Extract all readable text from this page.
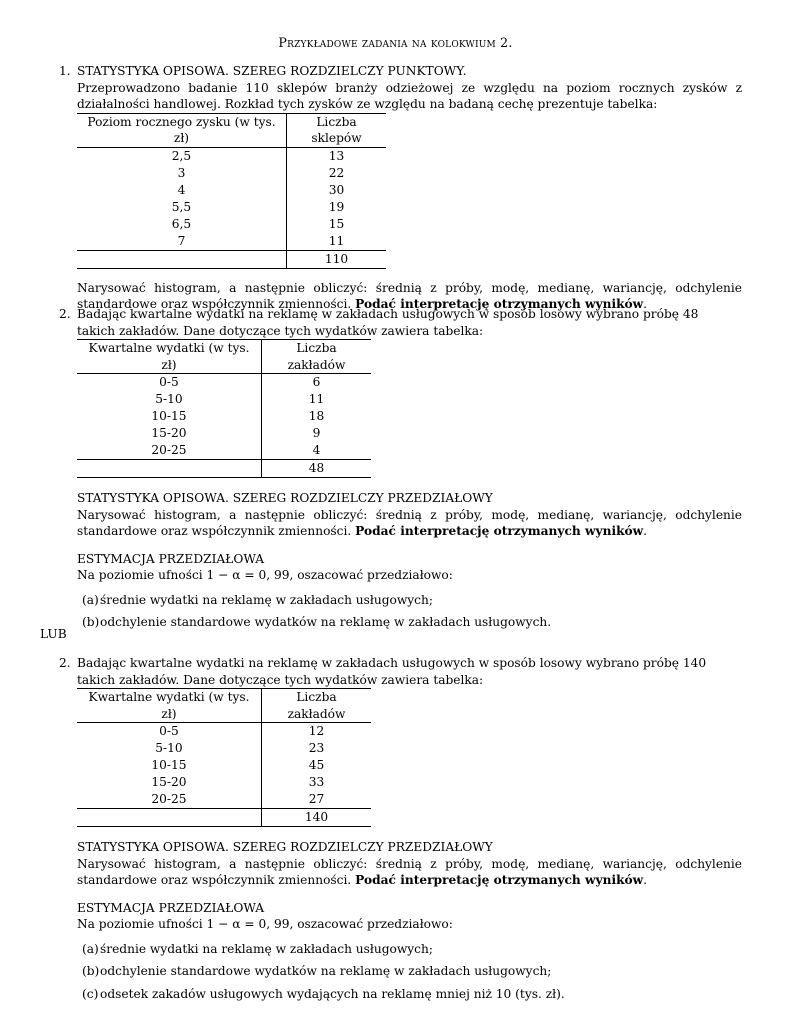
Przykładowe zadania na kolokwium 2.
1. STATYSTYKA OPISOWA. SZEREG ROZDZIELCZY PUNKTOWY.

Przeprowadzono badanie 110 sklepów branży odzieżowej ze względu na poziom rocznych zysków z działalności handlowej. Rozkład tych zysków ze względu na badaną cechę prezentuje tabelka:

Poziom rocznego zysku (w tys. zł)	Liczba sklepów
2,5	13
3	22
4	30
5,5	19
6,5	15
7	11
	110

Narysować histogram, a następnie obliczyć: średnią z próby, modę, medianę, wariancję, odchylenie standardowe oraz współczynnik zmienności. Podać interpretację otrzymanych wyników.

2. Badając kwartalne wydatki na reklamę w zakładach usługowych w sposób losowy wybrano próbę 48 takich zakładów. Dane dotyczące tych wydatków zawiera tabelka:

Kwartalne wydatki (w tys. zł)	Liczba zakładów
0-5	6
5-10	11
10-15	18
15-20	9
20-25	4
	48

STATYSTYKA OPISOWA. SZEREG ROZDZIELCZY PRZEDZIAŁOWY

Narysować histogram, a następnie obliczyć: średnią z próby, modę, medianę, wariancję, odchylenie standardowe oraz współczynnik zmienności. Podać interpretację otrzymanych wyników.

ESTYMACJA PRZEDZIAŁOWA

Na poziomie ufności 1 − α = 0, 99, oszacować przedziałowo:

(a) średnie wydatki na reklamę w zakładach usługowych;
(b) odchylenie standardowe wydatków na reklamę w zakładach usługowych.
LUB
2. Badając kwartalne wydatki na reklamę w zakładach usługowych w sposób losowy wybrano próbę 140 takich zakładów. Dane dotyczące tych wydatków zawiera tabelka:

Kwartalne wydatki (w tys. zł)	Liczba zakładów
0-5	12
5-10	23
10-15	45
15-20	33
20-25	27
	140

STATYSTYKA OPISOWA. SZEREG ROZDZIELCZY PRZEDZIAŁOWY

Narysować histogram, a następnie obliczyć: średnią z próby, modę, medianę, wariancję, odchylenie standardowe oraz współczynnik zmienności. Podać interpretację otrzymanych wyników.

ESTYMACJA PRZEDZIAŁOWA

Na poziomie ufności 1 − α = 0, 99, oszacować przedziałowo:

(a) średnie wydatki na reklamę w zakładach usługowych;
(b) odchylenie standardowe wydatków na reklamę w zakładach usługowych;
(c) odsetek zakadów usługowych wydających na reklamę mniej niż 10 (tys. zł).
